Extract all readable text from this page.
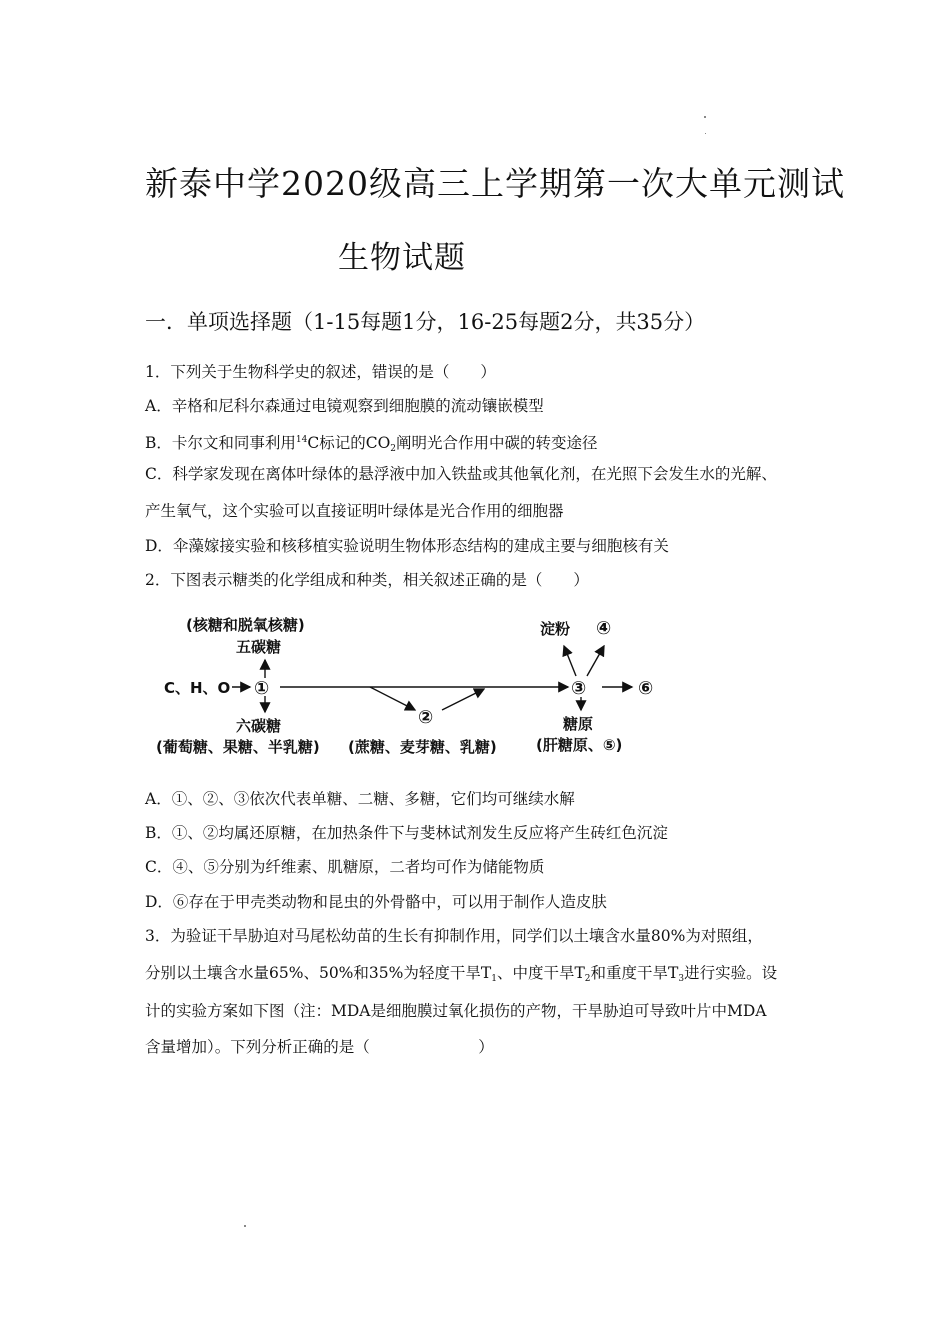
新泰中学2020级高三上学期第一次大单元测试
生物试题
一．单项选择题（1-15每题1分，16-25每题2分，共35分）
1．下列关于生物科学史的叙述，错误的是（　　）
A．辛格和尼科尔森通过电镜观察到细胞膜的流动镶嵌模型
B．卡尔文和同事利用$^{14}$C标记的$CO_2$阐明光合作用中碳的转变途径
C．科学家发现在离体叶绿体的悬浮液中加入铁盐或其他氧化剂，在光照下会发生水的光解、
产生氧气，这个实验可以直接证明叶绿体是光合作用的细胞器
D．伞藻嫁接实验和核移植实验说明生物体形态结构的建成主要与细胞核有关
2．下图表示糖类的化学组成和种类，相关叙述正确的是（　　）
(核糖和脱氧核糖)
五碳糖
C、H、O ①
六碳糖
(葡萄糖、果糖、半乳糖)
②
(蔗糖、麦芽糖、乳糖)
③
淀粉 ④
⑥
糖原
(肝糖原、⑤)
A．①、②、③依次代表单糖、二糖、多糖，它们均可继续水解
B．①、②均属还原糖，在加热条件下与斐林试剂发生反应将产生砖红色沉淀
C．④、⑤分别为纤维素、肌糖原，二者均可作为储能物质
D．⑥存在于甲壳类动物和昆虫的外骨骼中，可以用于制作人造皮肤
3．为验证干旱胁迫对马尾松幼苗的生长有抑制作用，同学们以土壤含水量80%为对照组，
分别以土壤含水量65%、50%和35%为轻度干旱$T_1$、中度干旱$T_2$和重度干旱$T_3$进行实验。设
计的实验方案如下图（注：MDA是细胞膜过氧化损伤的产物，干旱胁迫可导致叶片中MDA
含量增加）。下列分析正确的是（　　　　　　　）
